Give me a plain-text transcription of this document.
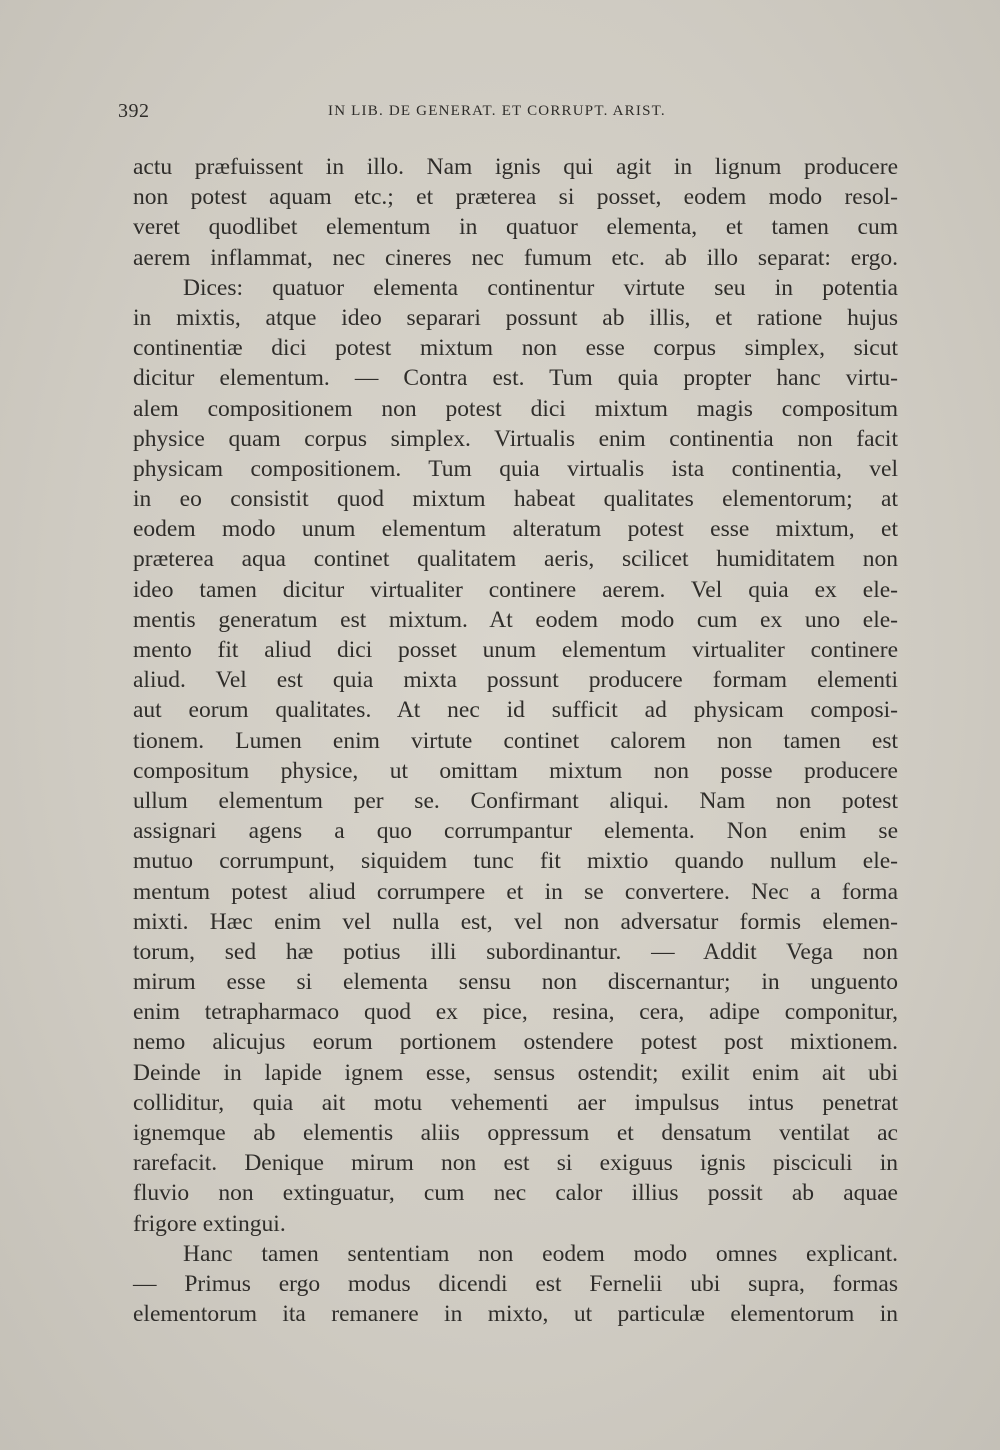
392	IN LIB. DE GENERAT. ET CORRUPT. ARIST.
actu præfuissent in illo. Nam ignis qui agit in lignum producere
non potest aquam etc.; et præterea si posset, eodem modo resol-
veret quodlibet elementum in quatuor elementa, et tamen cum
aerem inflammat, nec cineres nec fumum etc. ab illo separat: ergo.
Dices: quatuor elementa continentur virtute seu in potentia
in mixtis, atque ideo separari possunt ab illis, et ratione hujus
continentiæ dici potest mixtum non esse corpus simplex, sicut
dicitur elementum. — Contra est. Tum quia propter hanc virtu-
alem compositionem non potest dici mixtum magis compositum
physice quam corpus simplex. Virtualis enim continentia non facit
physicam compositionem. Tum quia virtualis ista continentia, vel
in eo consistit quod mixtum habeat qualitates elementorum; at
eodem modo unum elementum alteratum potest esse mixtum, et
præterea aqua continet qualitatem aeris, scilicet humiditatem non
ideo tamen dicitur virtualiter continere aerem. Vel quia ex ele-
mentis generatum est mixtum. At eodem modo cum ex uno ele-
mento fit aliud dici posset unum elementum virtualiter continere
aliud. Vel est quia mixta possunt producere formam elementi
aut eorum qualitates. At nec id sufficit ad physicam composi-
tionem. Lumen enim virtute continet calorem non tamen est
compositum physice, ut omittam mixtum non posse producere
ullum elementum per se. Confirmant aliqui. Nam non potest
assignari agens a quo corrumpantur elementa. Non enim se
mutuo corrumpunt, siquidem tunc fit mixtio quando nullum ele-
mentum potest aliud corrumpere et in se convertere. Nec a forma
mixti. Hæc enim vel nulla est, vel non adversatur formis elemen-
torum, sed hæ potius illi subordinantur. — Addit Vega non
mirum esse si elementa sensu non discernantur; in unguento
enim tetrapharmaco quod ex pice, resina, cera, adipe componitur,
nemo alicujus eorum portionem ostendere potest post mixtionem.
Deinde in lapide ignem esse, sensus ostendit; exilit enim ait ubi
colliditur, quia ait motu vehementi aer impulsus intus penetrat
ignemque ab elementis aliis oppressum et densatum ventilat ac
rarefacit. Denique mirum non est si exiguus ignis pisciculi in
fluvio non extinguatur, cum nec calor illius possit ab aquae
frigore extingui.
Hanc tamen sententiam non eodem modo omnes explicant.
— Primus ergo modus dicendi est Fernelii ubi supra, formas
elementorum ita remanere in mixto, ut particulæ elementorum in
